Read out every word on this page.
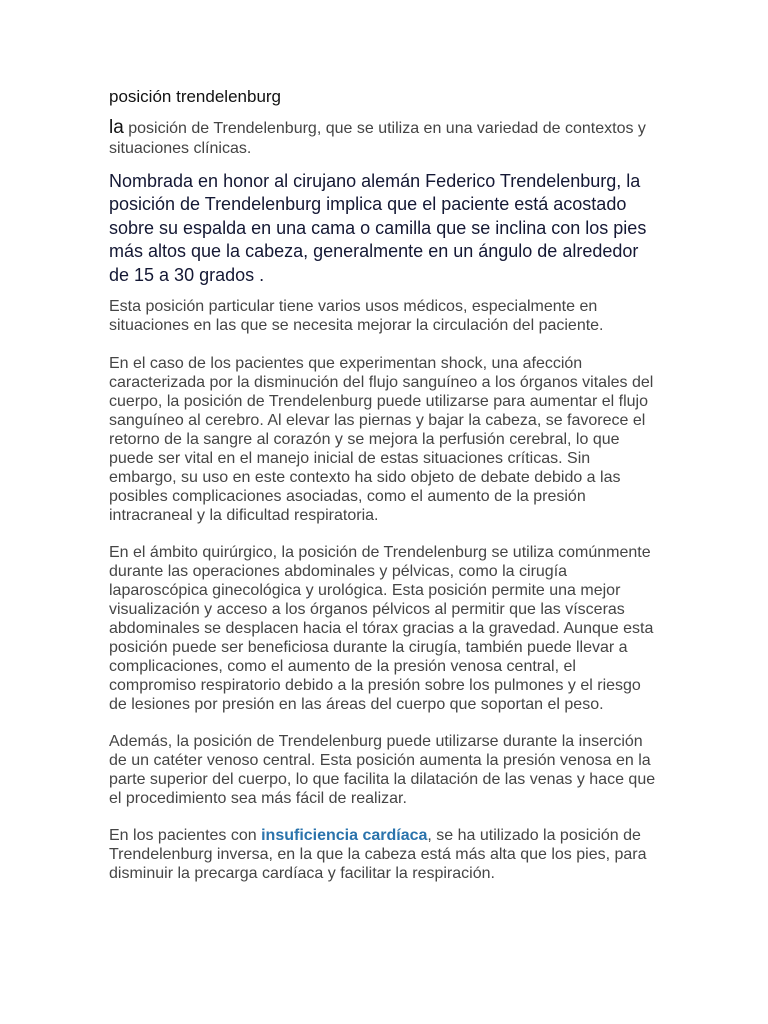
posición trendelenburg

la posición de Trendelenburg, que se utiliza en una variedad de contextos y situaciones clínicas.

Nombrada en honor al cirujano alemán Federico Trendelenburg, la posición de Trendelenburg implica que el paciente está acostado sobre su espalda en una cama o camilla que se inclina con los pies más altos que la cabeza, generalmente en un ángulo de alrededor de 15 a 30 grados .

Esta posición particular tiene varios usos médicos, especialmente en situaciones en las que se necesita mejorar la circulación del paciente.

En el caso de los pacientes que experimentan shock, una afección caracterizada por la disminución del flujo sanguíneo a los órganos vitales del cuerpo, la posición de Trendelenburg puede utilizarse para aumentar el flujo sanguíneo al cerebro. Al elevar las piernas y bajar la cabeza, se favorece el retorno de la sangre al corazón y se mejora la perfusión cerebral, lo que puede ser vital en el manejo inicial de estas situaciones críticas. Sin embargo, su uso en este contexto ha sido objeto de debate debido a las posibles complicaciones asociadas, como el aumento de la presión intracraneal y la dificultad respiratoria.

En el ámbito quirúrgico, la posición de Trendelenburg se utiliza comúnmente durante las operaciones abdominales y pélvicas, como la cirugía laparoscópica ginecológica y urológica. Esta posición permite una mejor visualización y acceso a los órganos pélvicos al permitir que las vísceras abdominales se desplacen hacia el tórax gracias a la gravedad. Aunque esta posición puede ser beneficiosa durante la cirugía, también puede llevar a complicaciones, como el aumento de la presión venosa central, el compromiso respiratorio debido a la presión sobre los pulmones y el riesgo de lesiones por presión en las áreas del cuerpo que soportan el peso.

Además, la posición de Trendelenburg puede utilizarse durante la inserción de un catéter venoso central. Esta posición aumenta la presión venosa en la parte superior del cuerpo, lo que facilita la dilatación de las venas y hace que el procedimiento sea más fácil de realizar.

En los pacientes con insuficiencia cardíaca, se ha utilizado la posición de Trendelenburg inversa, en la que la cabeza está más alta que los pies, para disminuir la precarga cardíaca y facilitar la respiración.
